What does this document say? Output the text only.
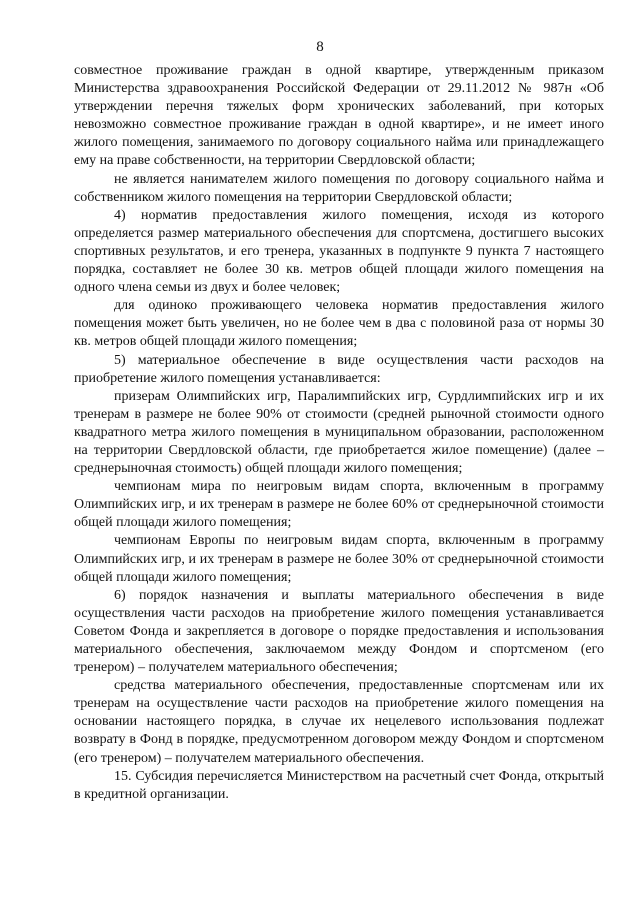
8

совместное проживание граждан в одной квартире, утвержденным приказом Министерства здравоохранения Российской Федерации от 29.11.2012 № 987н «Об утверждении перечня тяжелых форм хронических заболеваний, при которых невозможно совместное проживание граждан в одной квартире», и не имеет иного жилого помещения, занимаемого по договору социального найма или принадлежащего ему на праве собственности, на территории Свердловской области;

не является нанимателем жилого помещения по договору социального найма и собственником жилого помещения на территории Свердловской области;

4) норматив предоставления жилого помещения, исходя из которого определяется размер материального обеспечения для спортсмена, достигшего высоких спортивных результатов, и его тренера, указанных в подпункте 9 пункта 7 настоящего порядка, составляет не более 30 кв. метров общей площади жилого помещения на одного члена семьи из двух и более человек;

для одиноко проживающего человека норматив предоставления жилого помещения может быть увеличен, но не более чем в два с половиной раза от нормы 30 кв. метров общей площади жилого помещения;

5) материальное обеспечение в виде осуществления части расходов на приобретение жилого помещения устанавливается:

призерам Олимпийских игр, Паралимпийских игр, Сурдлимпийских игр и их тренерам в размере не более 90% от стоимости (средней рыночной стоимости одного квадратного метра жилого помещения в муниципальном образовании, расположенном на территории Свердловской области, где приобретается жилое помещение) (далее – среднерыночная стоимость) общей площади жилого помещения;

чемпионам мира по неигровым видам спорта, включенным в программу Олимпийских игр, и их тренерам в размере не более 60% от среднерыночной стоимости общей площади жилого помещения;

чемпионам Европы по неигровым видам спорта, включенным в программу Олимпийских игр, и их тренерам в размере не более 30% от среднерыночной стоимости общей площади жилого помещения;

6) порядок назначения и выплаты материального обеспечения в виде осуществления части расходов на приобретение жилого помещения устанавливается Советом Фонда и закрепляется в договоре о порядке предоставления и использования материального обеспечения, заключаемом между Фондом и спортсменом (его тренером) – получателем материального обеспечения;

средства материального обеспечения, предоставленные спортсменам или их тренерам на осуществление части расходов на приобретение жилого помещения на основании настоящего порядка, в случае их нецелевого использования подлежат возврату в Фонд в порядке, предусмотренном договором между Фондом и спортсменом (его тренером) – получателем материального обеспечения.

15. Субсидия перечисляется Министерством на расчетный счет Фонда, открытый в кредитной организации.
